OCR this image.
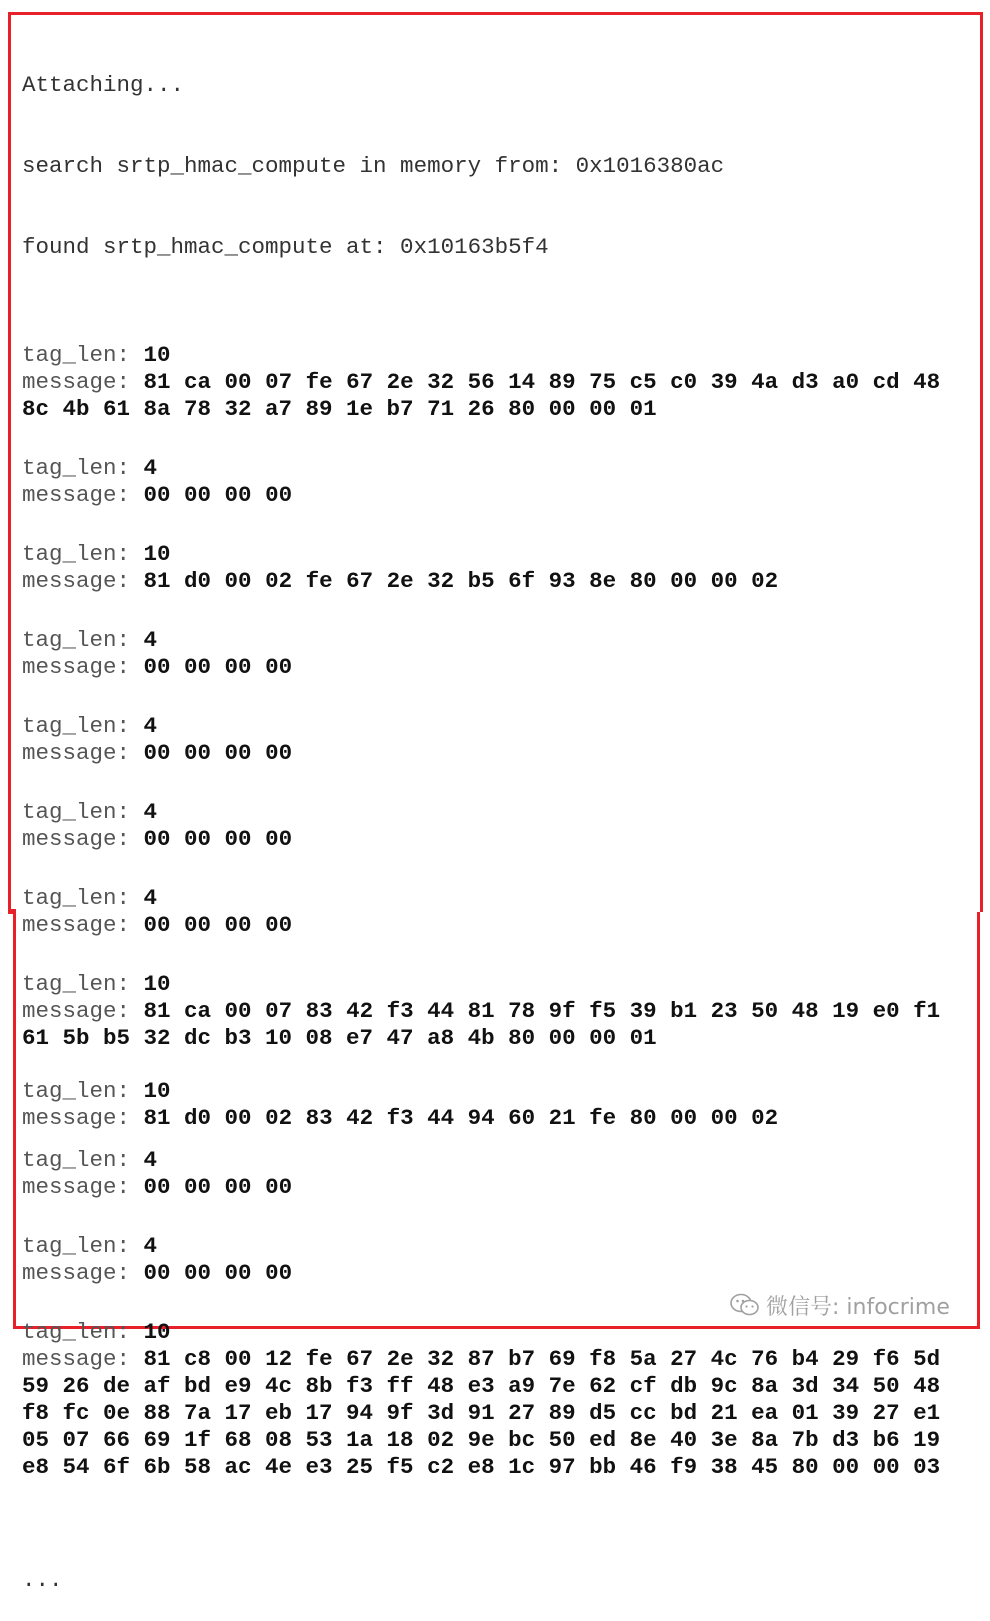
Attaching...

search srtp_hmac_compute in memory from: 0x1016380ac

found srtp_hmac_compute at: 0x10163b5f4

tag_len: 10
message: 81 ca 00 07 fe 67 2e 32 56 14 89 75 c5 c0 39 4a d3 a0 cd 48
8c 4b 61 8a 78 32 a7 89 1e b7 71 26 80 00 00 01
tag_len: 4
message: 00 00 00 00
tag_len: 10
message: 81 d0 00 02 fe 67 2e 32 b5 6f 93 8e 80 00 00 02
tag_len: 4
message: 00 00 00 00
tag_len: 4
message: 00 00 00 00
tag_len: 4
message: 00 00 00 00
tag_len: 4
message: 00 00 00 00
tag_len: 10
message: 81 ca 00 07 83 42 f3 44 81 78 9f f5 39 b1 23 50 48 19 e0 f1
61 5b b5 32 dc b3 10 08 e7 47 a8 4b 80 00 00 01
tag_len: 10
message: 81 d0 00 02 83 42 f3 44 94 60 21 fe 80 00 00 02
tag_len: 4
message: 00 00 00 00
tag_len: 4
message: 00 00 00 00
tag_len: 10
message: 81 c8 00 12 fe 67 2e 32 87 b7 69 f8 5a 27 4c 76 b4 29 f6 5d
59 26 de af bd e9 4c 8b f3 ff 48 e3 a9 7e 62 cf db 9c 8a 3d 34 50 48
f8 fc 0e 88 7a 17 eb 17 94 9f 3d 91 27 89 d5 cc bd 21 ea 01 39 27 e1
05 07 66 69 1f 68 08 53 1a 18 02 9e bc 50 ed 8e 40 3e 8a 7b d3 b6 19
e8 54 6f 6b 58 ac 4e e3 25 f5 c2 e8 1c 97 bb 46 f9 38 45 80 00 00 03

...

微信号: infocrime
